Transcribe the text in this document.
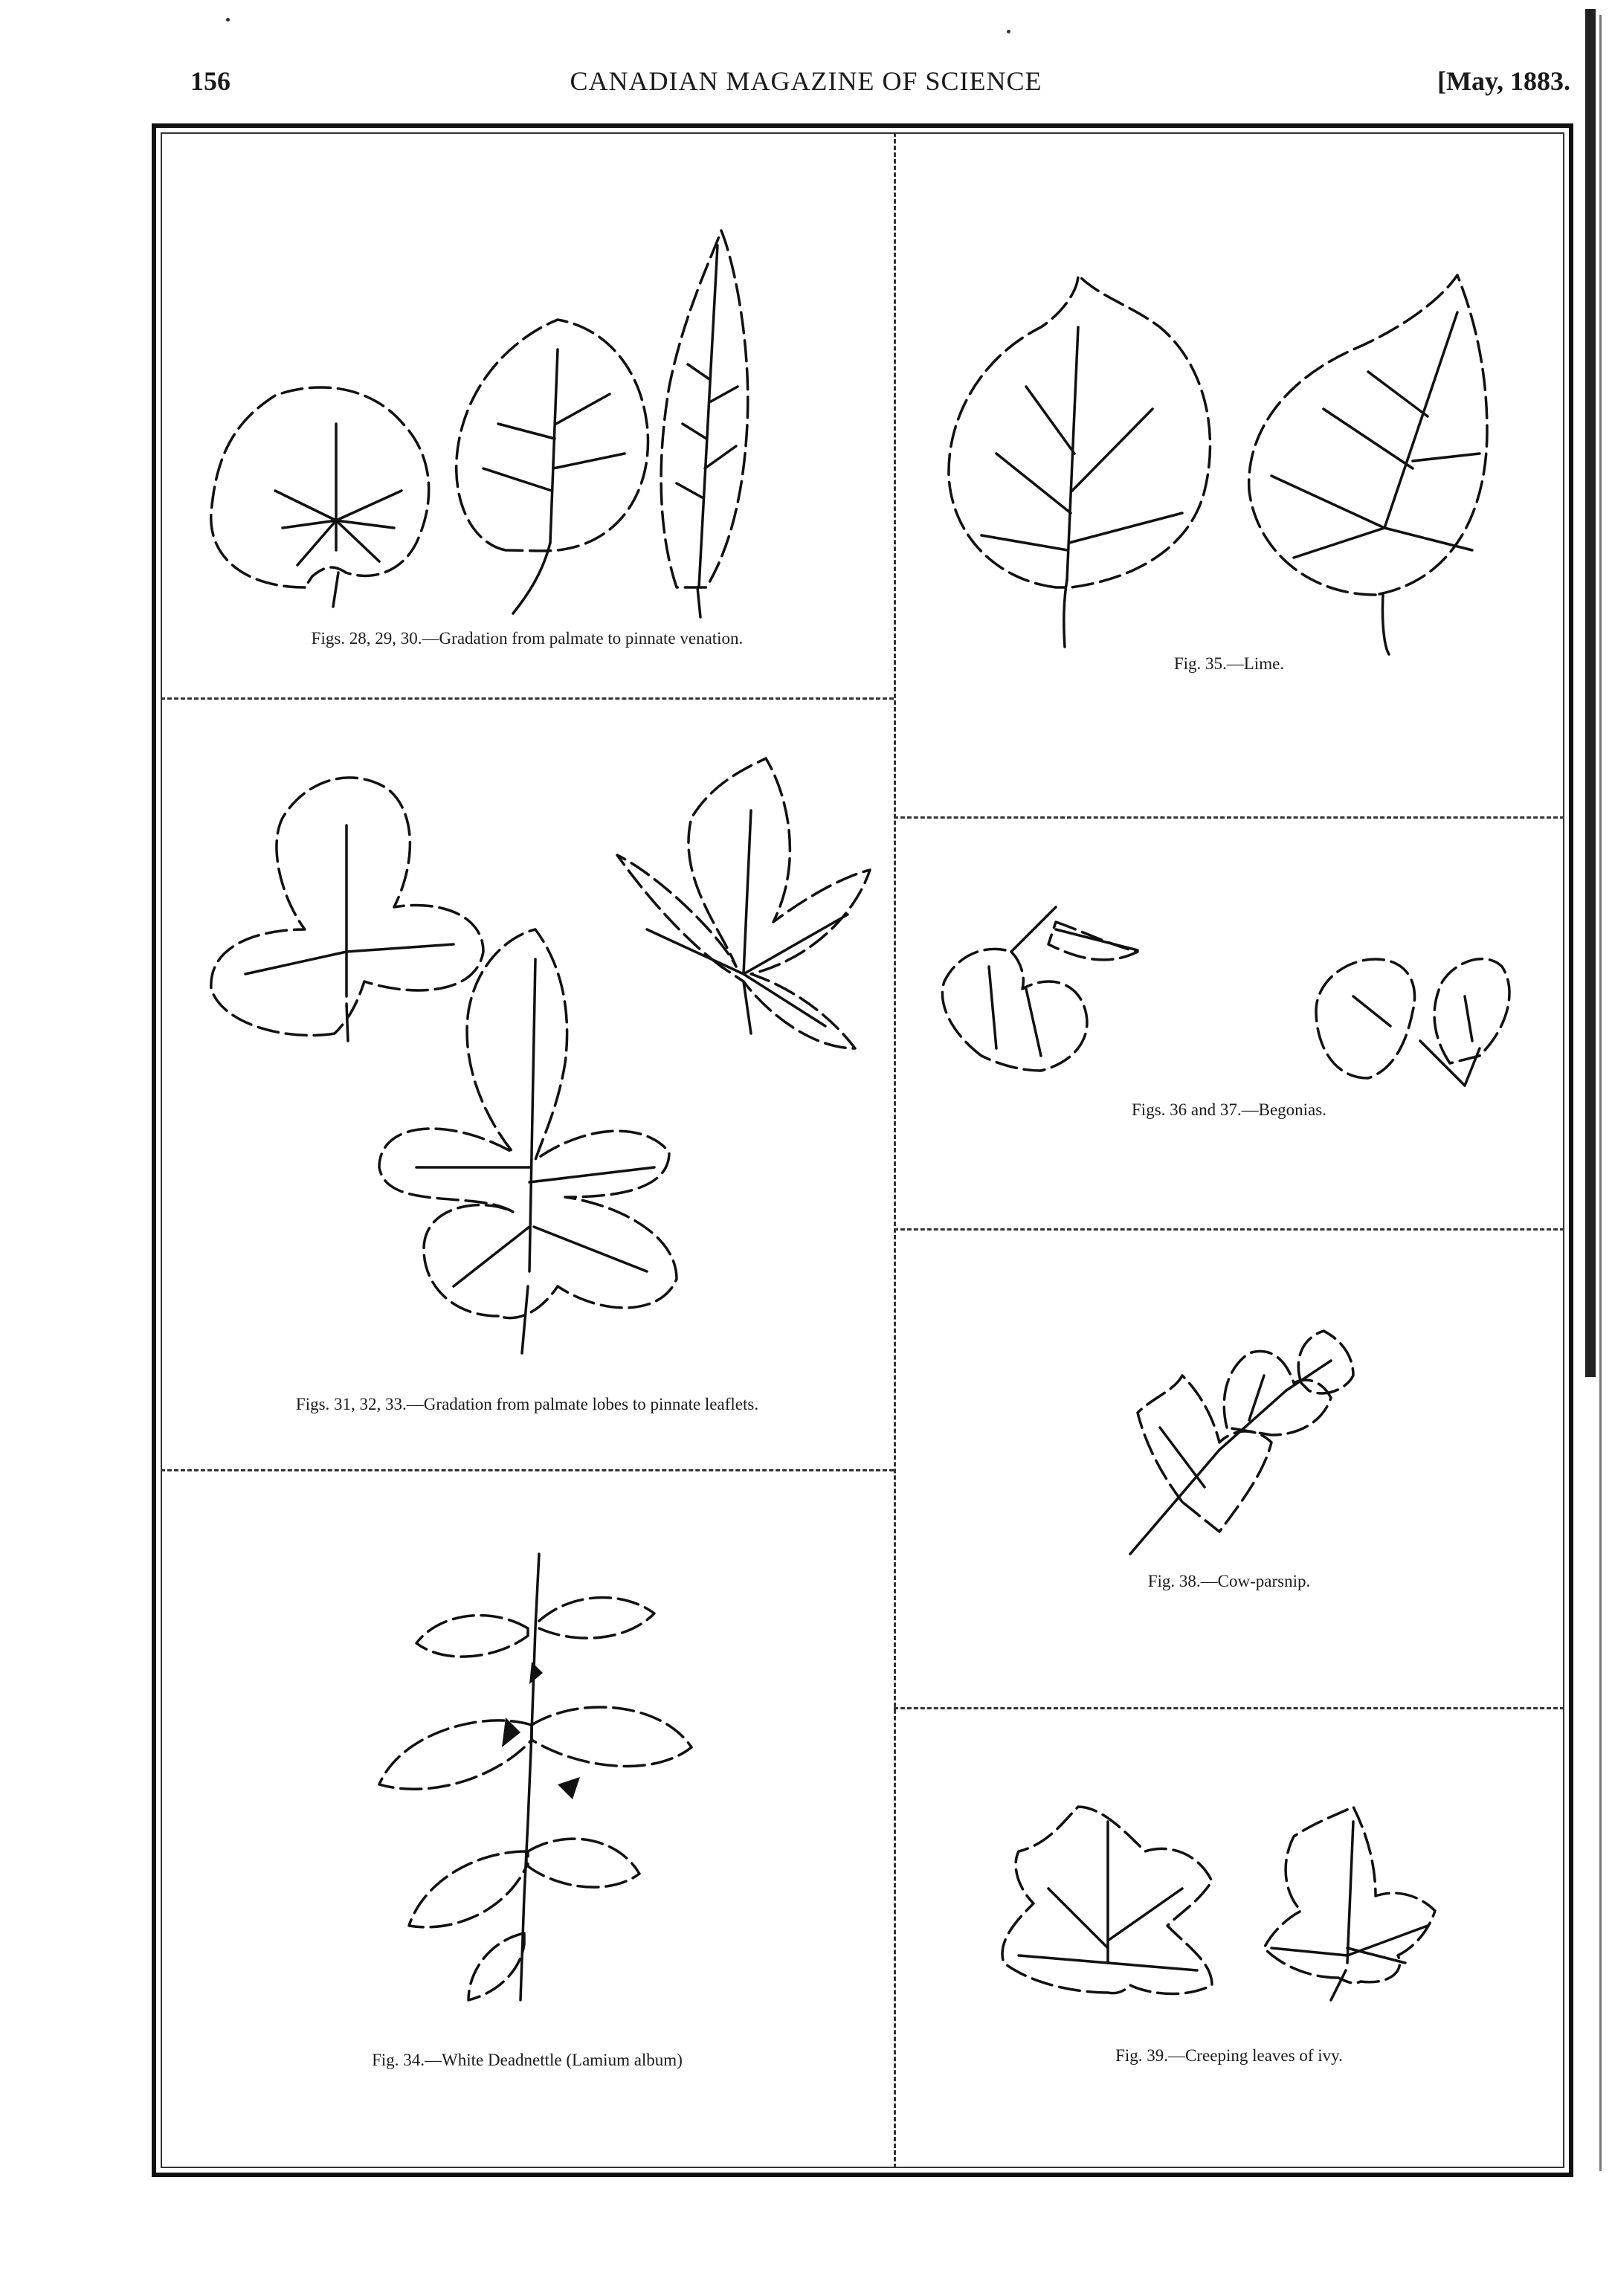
156	CANADIAN MAGAZINE OF SCIENCE	[May, 1883.
Figs. 28, 29, 30.—Gradation from palmate to pinnate venation.
Fig. 35.—Lime.
Figs. 31, 32, 33.—Gradation from palmate lobes to pinnate leaflets.
Figs. 36 and 37.—Begonias.
Fig. 38.—Cow-parsnip.
Fig. 34.—White Deadnettle (Lamium album)	Fig. 39.—Creeping leaves of ivy.
